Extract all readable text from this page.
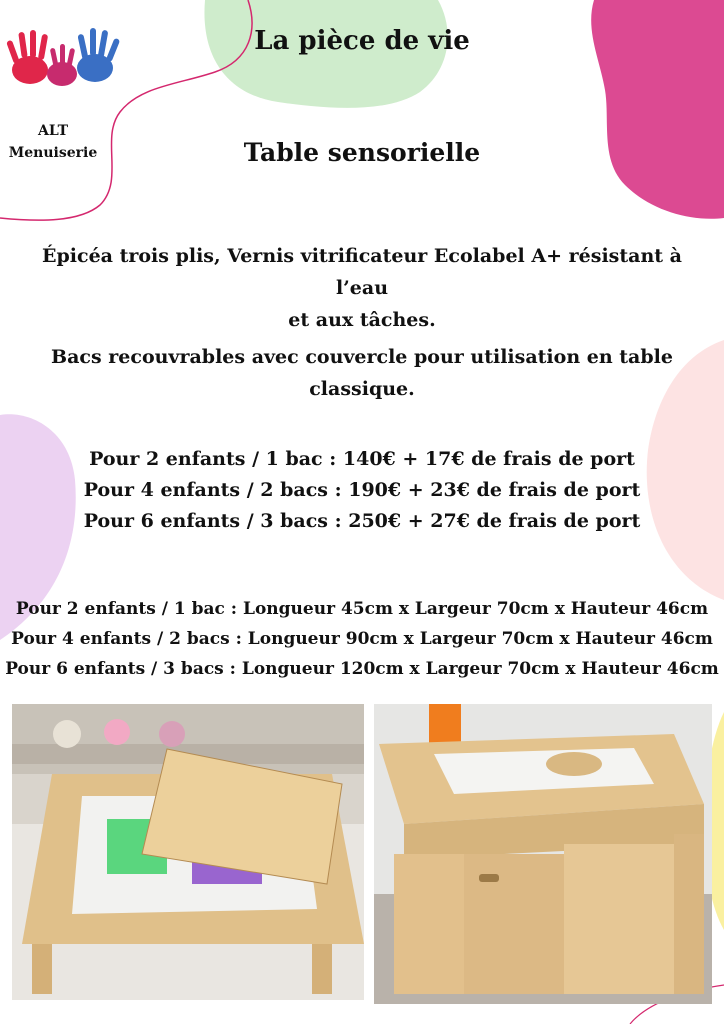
ALT
Menuiserie
La pièce de vie
Table sensorielle
Épicéa trois plis, Vernis vitrificateur Ecolabel A+ résistant à l’eau
et aux tâches.
Bacs recouvrables avec couvercle pour utilisation en table
classique.
Pour 2 enfants / 1 bac : 140€ + 17€ de frais de port
Pour 4 enfants / 2 bacs : 190€ + 23€ de frais de port
Pour 6 enfants / 3 bacs : 250€ + 27€ de frais de port
Pour 2 enfants / 1 bac : Longueur 45cm x Largeur 70cm x Hauteur 46cm
Pour 4 enfants / 2 bacs : Longueur 90cm x Largeur 70cm x Hauteur 46cm
Pour 6 enfants / 3 bacs : Longueur 120cm x Largeur 70cm x Hauteur 46cm
